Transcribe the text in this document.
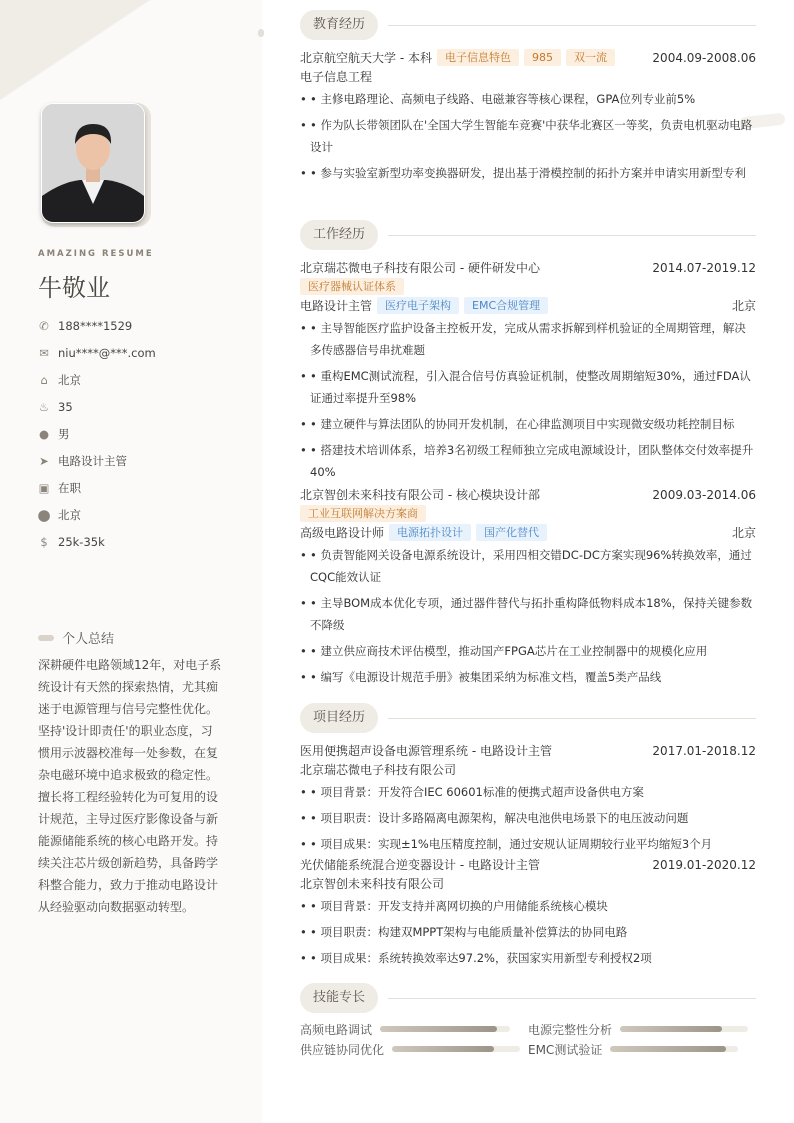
AMAZING RESUME
牛敬业
✆ 188****1529
✉ niu****@***.com
⌂ 北京
♨ 35
● 男
➤ 电路设计主管
▣ 在职
⬤ 北京
$ 25k-35k
个人总结
深耕硬件电路领域12年，对电子系统设计有天然的探索热情，尤其痴迷于电源管理与信号完整性优化。坚持'设计即责任'的职业态度，习惯用示波器校准每一处参数，在复杂电磁环境中追求极致的稳定性。擅长将工程经验转化为可复用的设计规范，主导过医疗影像设备与新能源储能系统的核心电路开发。持续关注芯片级创新趋势，具备跨学科整合能力，致力于推动电路设计从经验驱动向数据驱动转型。
教育经历
北京航空航天大学 - 本科	电子信息特色	985	双一流	2004.09-2008.06
电子信息工程
• • 主修电路理论、高频电子线路、电磁兼容等核心课程，GPA位列专业前5%
• • 作为队长带领团队在'全国大学生智能车竞赛'中获华北赛区一等奖，负责电机驱动电路设计
• • 参与实验室新型功率变换器研发，提出基于滑模控制的拓扑方案并申请实用新型专利
工作经历
北京瑞芯微电子科技有限公司 - 硬件研发中心	2014.07-2019.12
医疗器械认证体系
电路设计主管	医疗电子架构	EMC合规管理	北京
• • 主导智能医疗监护设备主控板开发，完成从需求拆解到样机验证的全周期管理，解决多传感器信号串扰难题
• • 重构EMC测试流程，引入混合信号仿真验证机制，使整改周期缩短30%，通过FDA认证通过率提升至98%
• • 建立硬件与算法团队的协同开发机制，在心律监测项目中实现微安级功耗控制目标
• • 搭建技术培训体系，培养3名初级工程师独立完成电源域设计，团队整体交付效率提升40%
北京智创未来科技有限公司 - 核心模块设计部	2009.03-2014.06
工业互联网解决方案商
高级电路设计师	电源拓扑设计	国产化替代	北京
• • 负责智能网关设备电源系统设计，采用四相交错DC-DC方案实现96%转换效率，通过CQC能效认证
• • 主导BOM成本优化专项，通过器件替代与拓扑重构降低物料成本18%，保持关键参数不降级
• • 建立供应商技术评估模型，推动国产FPGA芯片在工业控制器中的规模化应用
• • 编写《电源设计规范手册》被集团采纳为标准文档，覆盖5类产品线
项目经历
医用便携超声设备电源管理系统 - 电路设计主管	2017.01-2018.12
北京瑞芯微电子科技有限公司
• • 项目背景：开发符合IEC 60601标准的便携式超声设备供电方案
• • 项目职责：设计多路隔离电源架构，解决电池供电场景下的电压波动问题
• • 项目成果：实现±1%电压精度控制，通过安规认证周期较行业平均缩短3个月
光伏储能系统混合逆变器设计 - 电路设计主管	2019.01-2020.12
北京智创未来科技有限公司
• • 项目背景：开发支持并离网切换的户用储能系统核心模块
• • 项目职责：构建双MPPT架构与电能质量补偿算法的协同电路
• • 项目成果：系统转换效率达97.2%，获国家实用新型专利授权2项
技能专长
高频电路调试	电源完整性分析
供应链协同优化	EMC测试验证
